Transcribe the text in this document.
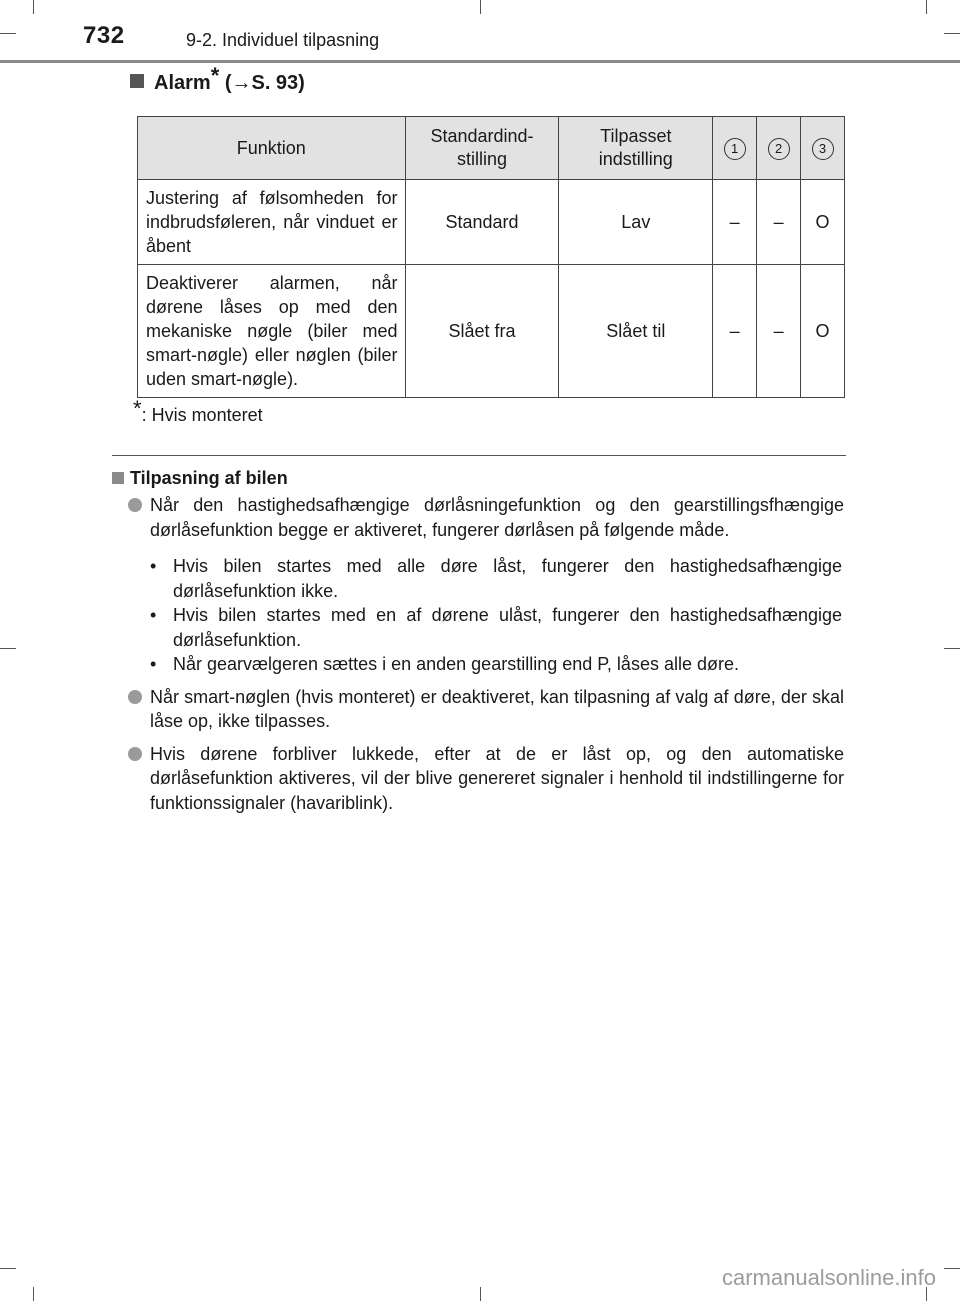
732	9-2. Individuel tilpasning
Alarm* (→S. 93)
Funktion	Standardind-stilling	Tilpasset indstilling	1	2	3
Justering af følsomheden for indbrudsføleren, når vinduet er åbent	Standard	Lav	–	–	O
Deaktiverer alarmen, når dørene låses op med den mekaniske nøgle (biler med smart-nøgle) eller nøglen (biler uden smart-nøgle).	Slået fra	Slået til	–	–	O
*: Hvis monteret
Tilpasning af bilen
Når den hastighedsafhængige dørlåsningefunktion og den gearstillingsfhængige dørlåsefunktion begge er aktiveret, fungerer dørlåsen på følgende måde.
• Hvis bilen startes med alle døre låst, fungerer den hastighedsafhængige dørlåsefunktion ikke.
• Hvis bilen startes med en af dørene ulåst, fungerer den hastighedsafhængige dørlåsefunktion.
• Når gearvælgeren sættes i en anden gearstilling end P, låses alle døre.
Når smart-nøglen (hvis monteret) er deaktiveret, kan tilpasning af valg af døre, der skal låse op, ikke tilpasses.
Hvis dørene forbliver lukkede, efter at de er låst op, og den automatiske dørlåsefunktion aktiveres, vil der blive genereret signaler i henhold til indstillingerne for funktionssignaler (havariblink).
carmanualsonline.info
